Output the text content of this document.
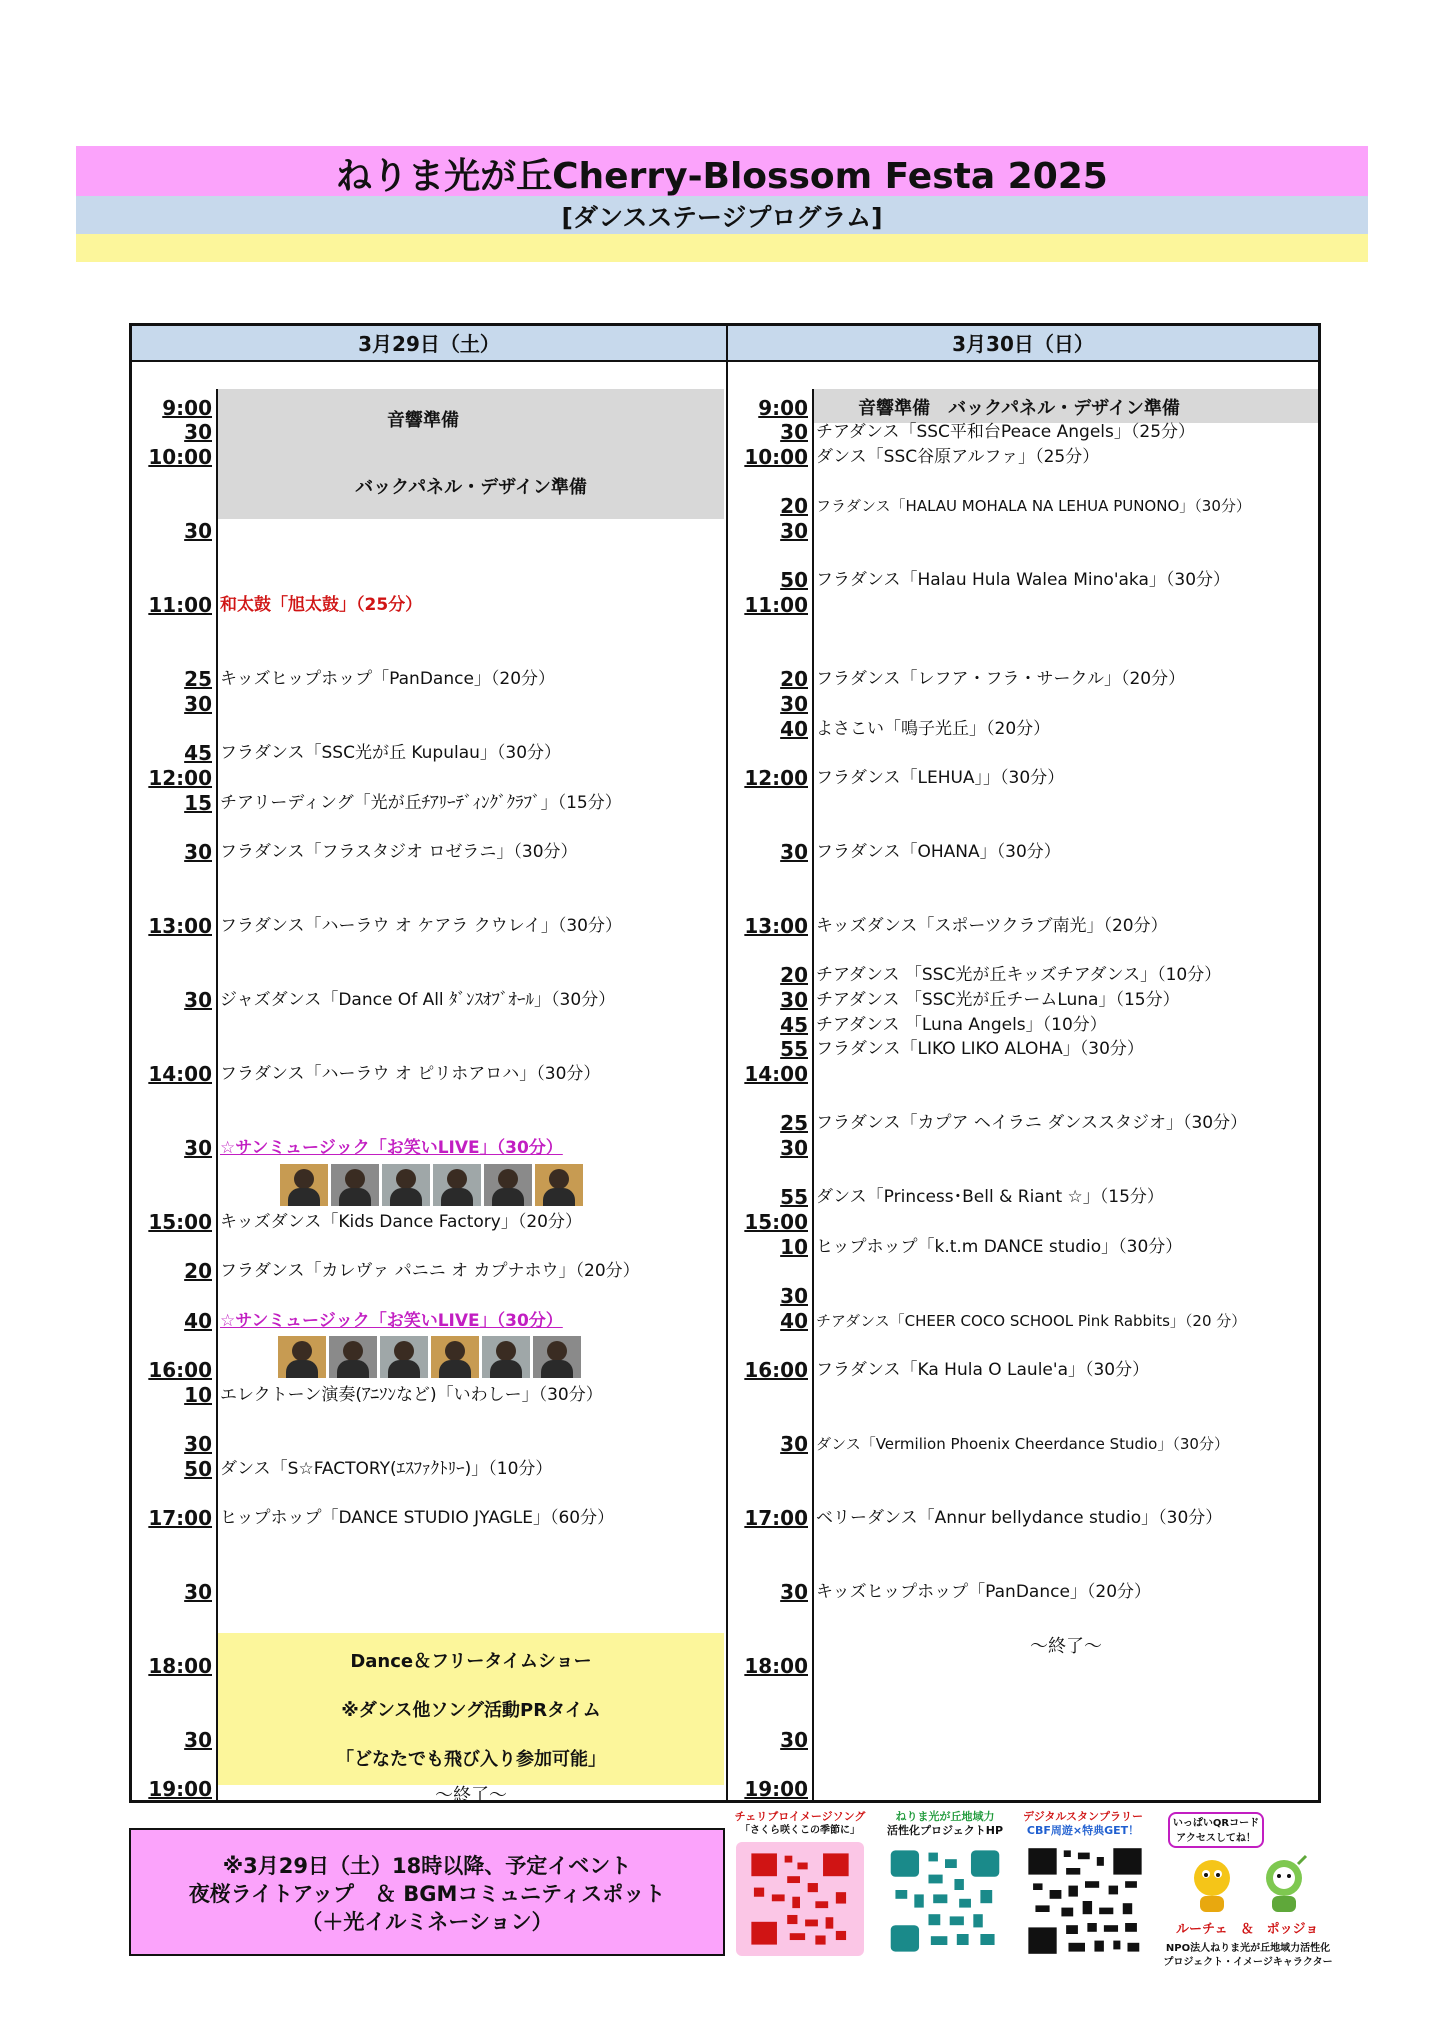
ねりま光が丘Cherry-Blossom Festa 2025
[ダンスステージプログラム]
3月29日（土）	3月30日（日）
音響準備
バックパネル・デザイン準備
Dance＆フリータイムショー
※ダンス他ソング活動PRタイム
「どなたでも飛び入り参加可能」
～終了～
音響準備　バックパネル・デザイン準備
～終了～
9:00
30
10:00
30
11:00
25
30
45
12:00
15
30
13:00
30
14:00
30
15:00
20
40
16:00
10
30
50
17:00
30
18:00
30
19:00
和太鼓「旭太鼓」（25分）
キッズヒップホップ「PanDance」（20分）
フラダンス「SSC光が丘 Kupulau」（30分）
チアリーディング「光が丘ﾁｱﾘｰﾃﾞｨﾝｸﾞｸﾗﾌﾞ」（15分）
フラダンス「フラスタジオ ロゼラニ」（30分）
フラダンス「ハーラウ オ ケアラ クウレイ」（30分）
ジャズダンス「Dance Of All ﾀﾞﾝｽｵﾌﾞｵｰﾙ」（30分）
フラダンス「ハーラウ オ ピリホアロハ」（30分）
☆サンミュージック「お笑いLIVE」（30分）
キッズダンス「Kids Dance Factory」（20分）
フラダンス「カレヴァ パニニ オ カプナホウ」（20分）
☆サンミュージック「お笑いLIVE」（30分）
エレクトーン演奏(ｱﾆｿﾝなど)「いわしー」（30分）
ダンス「S☆FACTORY(ｴｽﾌｧｸﾄﾘｰ)」（10分）
ヒップホップ「DANCE STUDIO JYAGLE」（60分）
9:00
30
10:00
20
30
50
11:00
20
30
40
12:00
30
13:00
20
30
45
55
14:00
25
30
55
15:00
10
30
40
16:00
30
17:00
30
18:00
30
19:00
チアダンス「SSC平和台Peace Angels」（25分）
ダンス「SSC谷原アルファ」（25分）
フラダンス「HALAU MOHALA NA LEHUA PUNONO」（30分）
フラダンス「Halau Hula Walea Mino'aka」（30分）
フラダンス「レフア・フラ・サークル」（20分）
よさこい「鳴子光丘」（20分）
フラダンス「LEHUA」」（30分）
フラダンス「OHANA」（30分）
キッズダンス「スポーツクラブ南光」（20分）
チアダンス 「SSC光が丘キッズチアダンス」（10分）
チアダンス 「SSC光が丘チームLuna」（15分）
チアダンス 「Luna Angels」（10分）
フラダンス「LIKO LIKO ALOHA」（30分）
フラダンス「カプア ヘイラニ ダンススタジオ」（30分）
ダンス「Princess･Bell & Riant ☆」（15分）
ヒップホップ「k.t.m DANCE studio」（30分）
チアダンス「CHEER COCO SCHOOL Pink Rabbits」（20 分）
フラダンス「Ka Hula O Laule'a」（30分）
ダンス「Vermilion Phoenix Cheerdance Studio」（30分）
ベリーダンス「Annur bellydance studio」（30分）
キッズヒップホップ「PanDance」（20分）
※3月29日（土）18時以降、予定イベント
夜桜ライトアップ　＆ BGMコミュニティスポット
（＋光イルミネーション）
チェリブロイメージソング
「さくら咲くこの季節に」
ねりま光が丘地域力
活性化プロジェクトHP
デジタルスタンプラリー
CBF周遊×特典GET！
いっぱいQRコード
アクセスしてね！
ルーチェ　＆　ポッジョ
NPO法人ねりま光が丘地域力活性化
プロジェクト・イメージキャラクター
